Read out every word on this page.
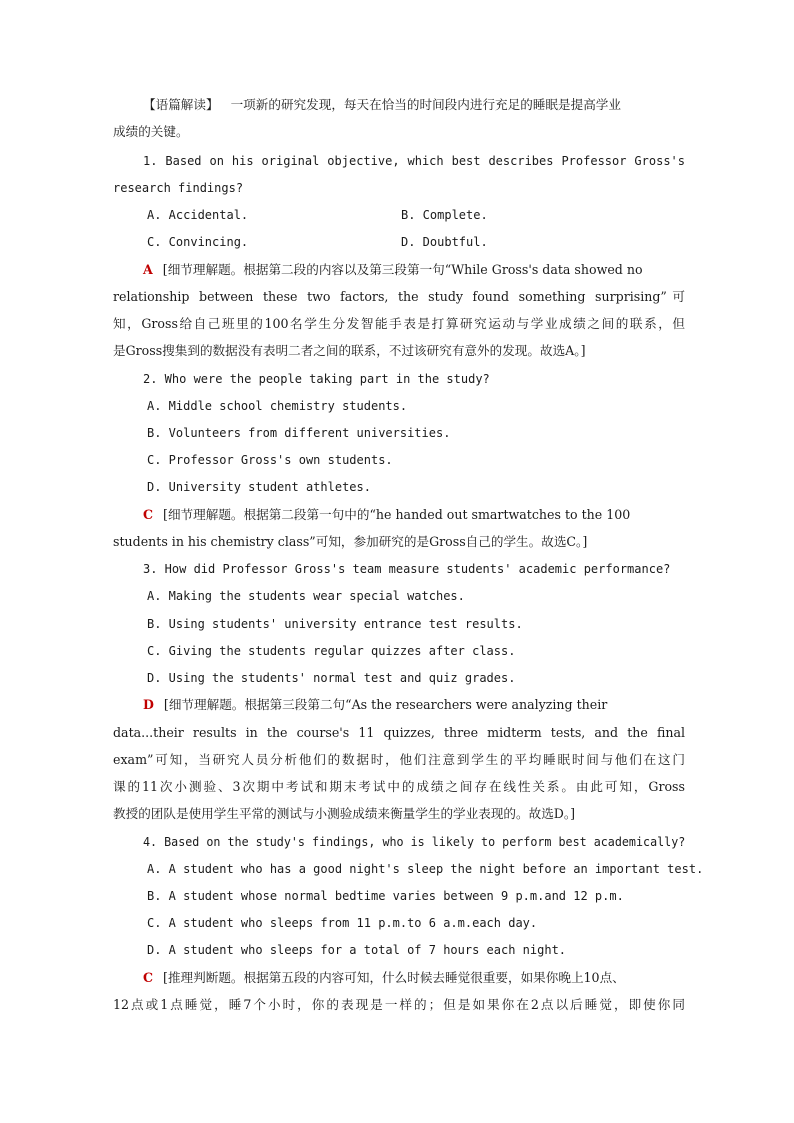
【语篇解读】 一项新的研究发现，每天在恰当的时间段内进行充足的睡眠是提高学业
成绩的关键。
1. Based on his original objective, which best describes Professor Gross's
research findings?
A. Accidental.	B. Complete.
C. Convincing.	D. Doubtful.
A [细节理解题。根据第二段的内容以及第三段第一句“While Gross's data showed no
relationship between these two factors, the study found something surprising”可
知，Gross给自己班里的100名学生分发智能手表是打算研究运动与学业成绩之间的联系，但
是Gross搜集到的数据没有表明二者之间的联系，不过该研究有意外的发现。故选A。]
2. Who were the people taking part in the study?
A. Middle school chemistry students.
B. Volunteers from different universities.
C. Professor Gross's own students.
D. University student athletes.
C [细节理解题。根据第二段第一句中的“he handed out smartwatches to the 100
students in his chemistry class”可知，参加研究的是Gross自己的学生。故选C。]
3. How did Professor Gross's team measure students' academic performance?
A. Making the students wear special watches.
B. Using students' university entrance test results.
C. Giving the students regular quizzes after class.
D. Using the students' normal test and quiz grades.
D [细节理解题。根据第三段第二句“As the researchers were analyzing their
data...their results in the course's 11 quizzes, three midterm tests, and the final
exam”可知，当研究人员分析他们的数据时，他们注意到学生的平均睡眠时间与他们在这门
课的11次小测验、3次期中考试和期末考试中的成绩之间存在线性关系。由此可知，Gross
教授的团队是使用学生平常的测试与小测验成绩来衡量学生的学业表现的。故选D。]
4. Based on the study's findings, who is likely to perform best academically?
A. A student who has a good night's sleep the night before an important test.
B. A student whose normal bedtime varies between 9 p.m.and 12 p.m.
C. A student who sleeps from 11 p.m.to 6 a.m.each day.
D. A student who sleeps for a total of 7 hours each night.
C [推理判断题。根据第五段的内容可知，什么时候去睡觉很重要，如果你晚上10点、
12点或1点睡觉，睡7个小时，你的表现是一样的；但是如果你在2点以后睡觉，即使你同
